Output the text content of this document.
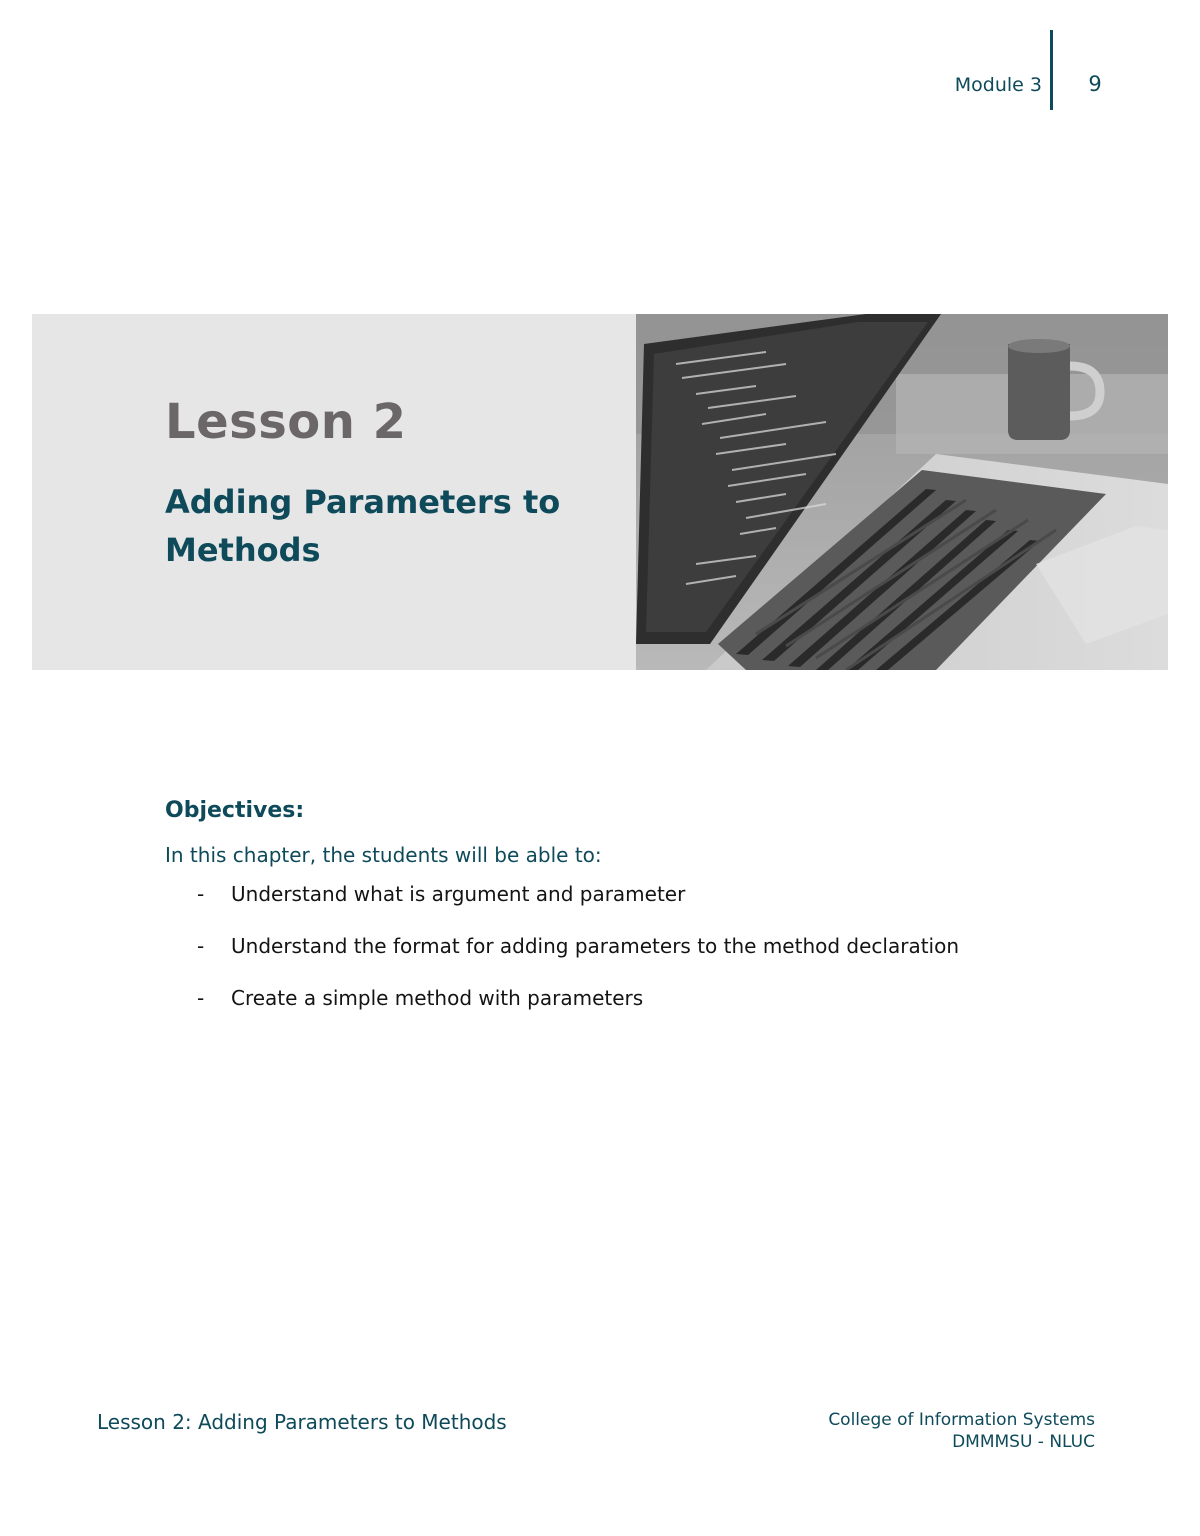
Module 3	9
Lesson 2
Adding Parameters to Methods
Objectives:

In this chapter, the students will be able to:

-	Understand what is argument and parameter
-	Understand the format for adding parameters to the method declaration
-	Create a simple method with parameters
Lesson 2: Adding Parameters to Methods	College of Information Systems
DMMMSU - NLUC
